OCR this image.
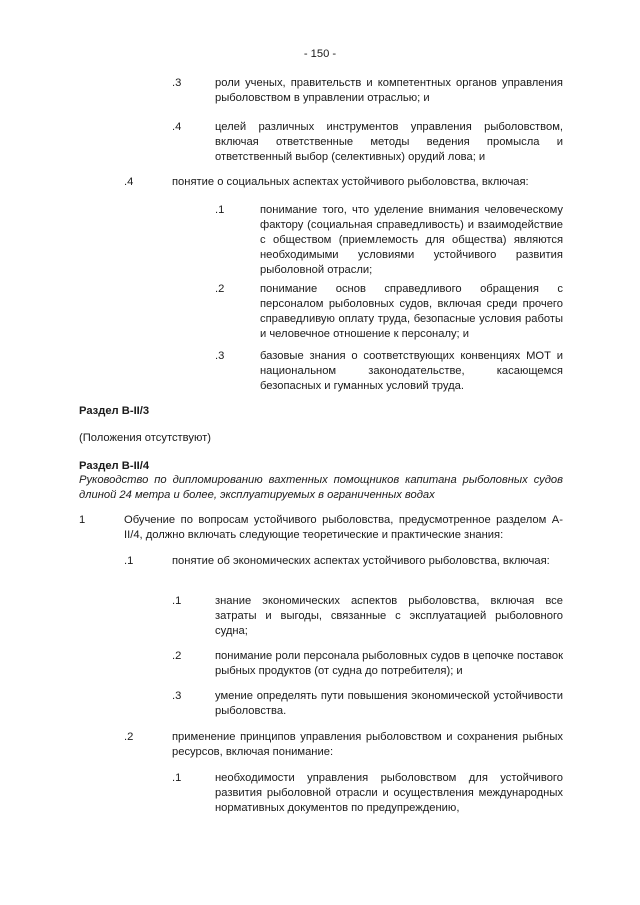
- 150 -
.3	роли ученых, правительств и компетентных органов управления рыболовством в управлении отраслью; и
.4	целей различных инструментов управления рыболовством, включая ответственные методы ведения промысла и ответственный выбор (селективных) орудий лова; и
.4	понятие о социальных аспектах устойчивого рыболовства, включая:
.1	понимание того, что уделение внимания человеческому фактору (социальная справедливость) и взаимодействие с обществом (приемлемость для общества) являются необходимыми условиями устойчивого развития рыболовной отрасли;
.2	понимание основ справедливого обращения с персоналом рыболовных судов, включая среди прочего справедливую оплату труда, безопасные условия работы и человечное отношение к персоналу; и
.3	базовые знания о соответствующих конвенциях МОТ и национальном законодательстве, касающемся безопасных и гуманных условий труда.
Раздел B-II/3
(Положения отсутствуют)
Раздел B-II/4
Руководство по дипломированию вахтенных помощников капитана рыболовных судов длиной 24 метра и более, эксплуатируемых в ограниченных водах
1	Обучение по вопросам устойчивого рыболовства, предусмотренное разделом A-II/4, должно включать следующие теоретические и практические знания:
.1	понятие об экономических аспектах устойчивого рыболовства, включая:
.1	знание экономических аспектов рыболовства, включая все затраты и выгоды, связанные с эксплуатацией рыболовного судна;
.2	понимание роли персонала рыболовных судов в цепочке поставок рыбных продуктов (от судна до потребителя); и
.3	умение определять пути повышения экономической устойчивости рыболовства.
.2	применение принципов управления рыболовством и сохранения рыбных ресурсов, включая понимание:
.1	необходимости управления рыболовством для устойчивого развития рыболовной отрасли и осуществления международных нормативных документов по предупреждению,
